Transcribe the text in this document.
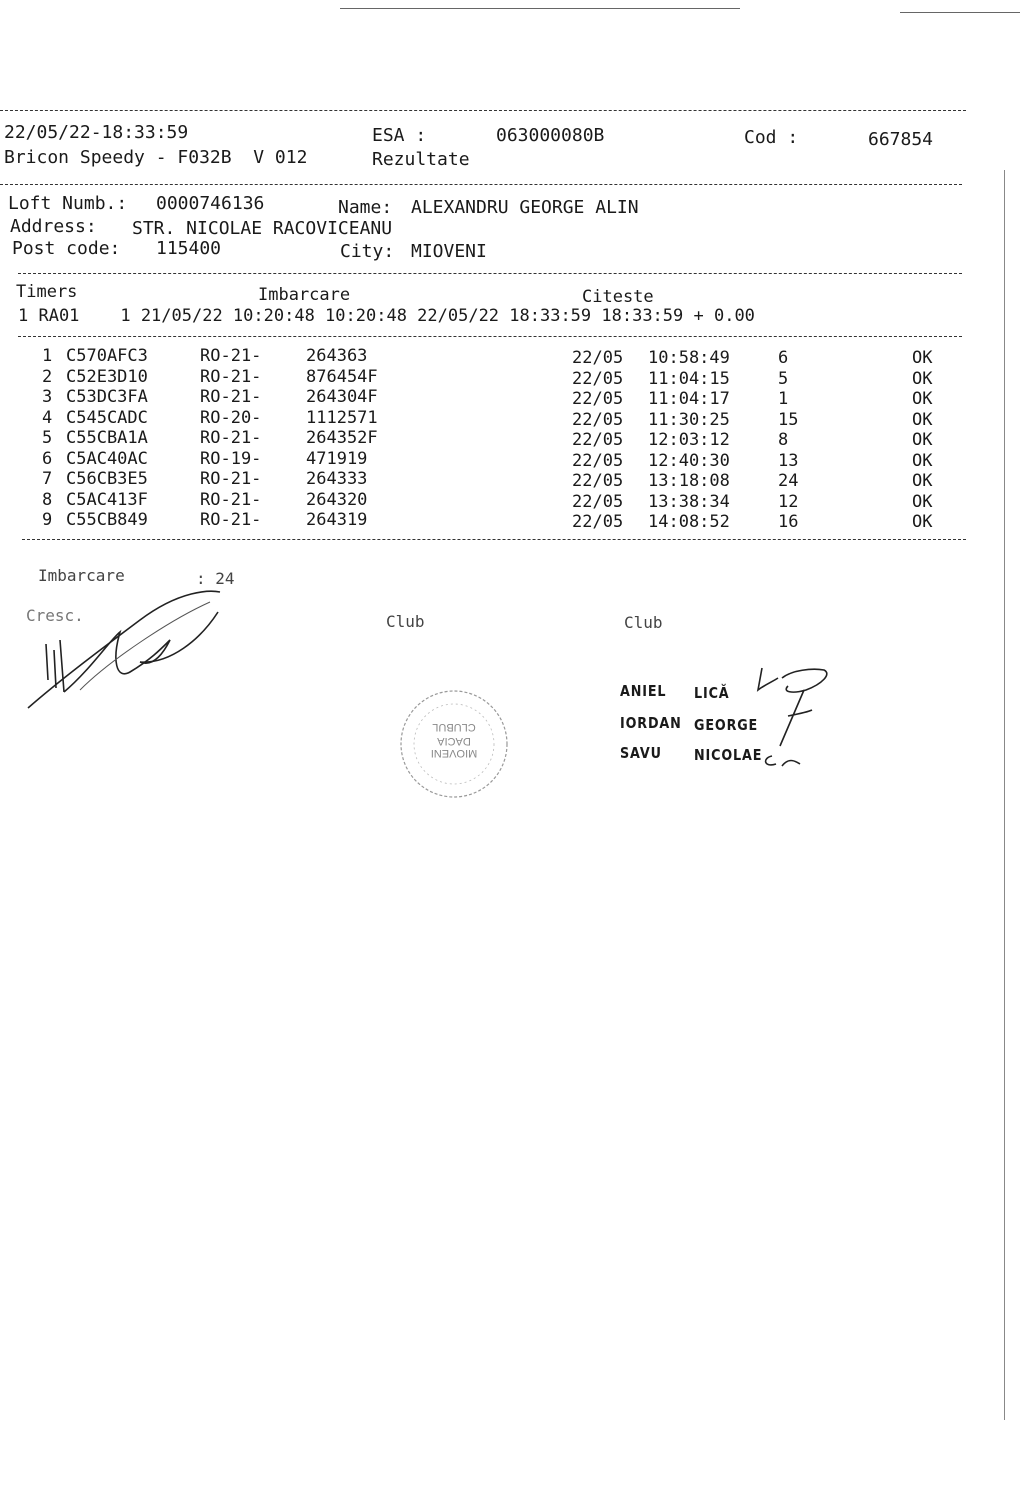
22/05/22-18:33:59	ESA :	063000080B	Cod :	667854
Bricon Speedy - F032B  V 012	Rezultate
Loft Numb.: 0000746136	Name: ALEXANDRU GEORGE ALIN
Address: STR. NICOLAE RACOVICEANU
Post code: 115400	City: MIOVENI
Timers	Imbarcare	Citeste
1 RA01    1 21/05/22 10:20:48 10:20:48 22/05/22 18:33:59 18:33:59 + 0.00
1 C570AFC3	RO-21-	264363	22/05 10:58:49	6	OK
2 C52E3D10	RO-21-	876454F	22/05 11:04:15	5	OK
3 C53DC3FA	RO-21-	264304F	22/05 11:04:17	1	OK
4 C545CADC	RO-20-	1112571	22/05 11:30:25	15	OK
5 C55CBA1A	RO-21-	264352F	22/05 12:03:12	8	OK
6 C5AC40AC	RO-19-	471919	22/05 12:40:30	13	OK
7 C56CB3E5	RO-21-	264333	22/05 13:18:08	24	OK
8 C5AC413F	RO-21-	264320	22/05 13:38:34	12	OK
9 C55CB849	RO-21-	264319	22/05 14:08:52	16	OK
Imbarcare	: 24
Cresc.	Club	Club
MIOVENI
DACIA
CLUBUL
ANIEL LICĂ
IORDAN GEORGE
SAVU NICOLAE
